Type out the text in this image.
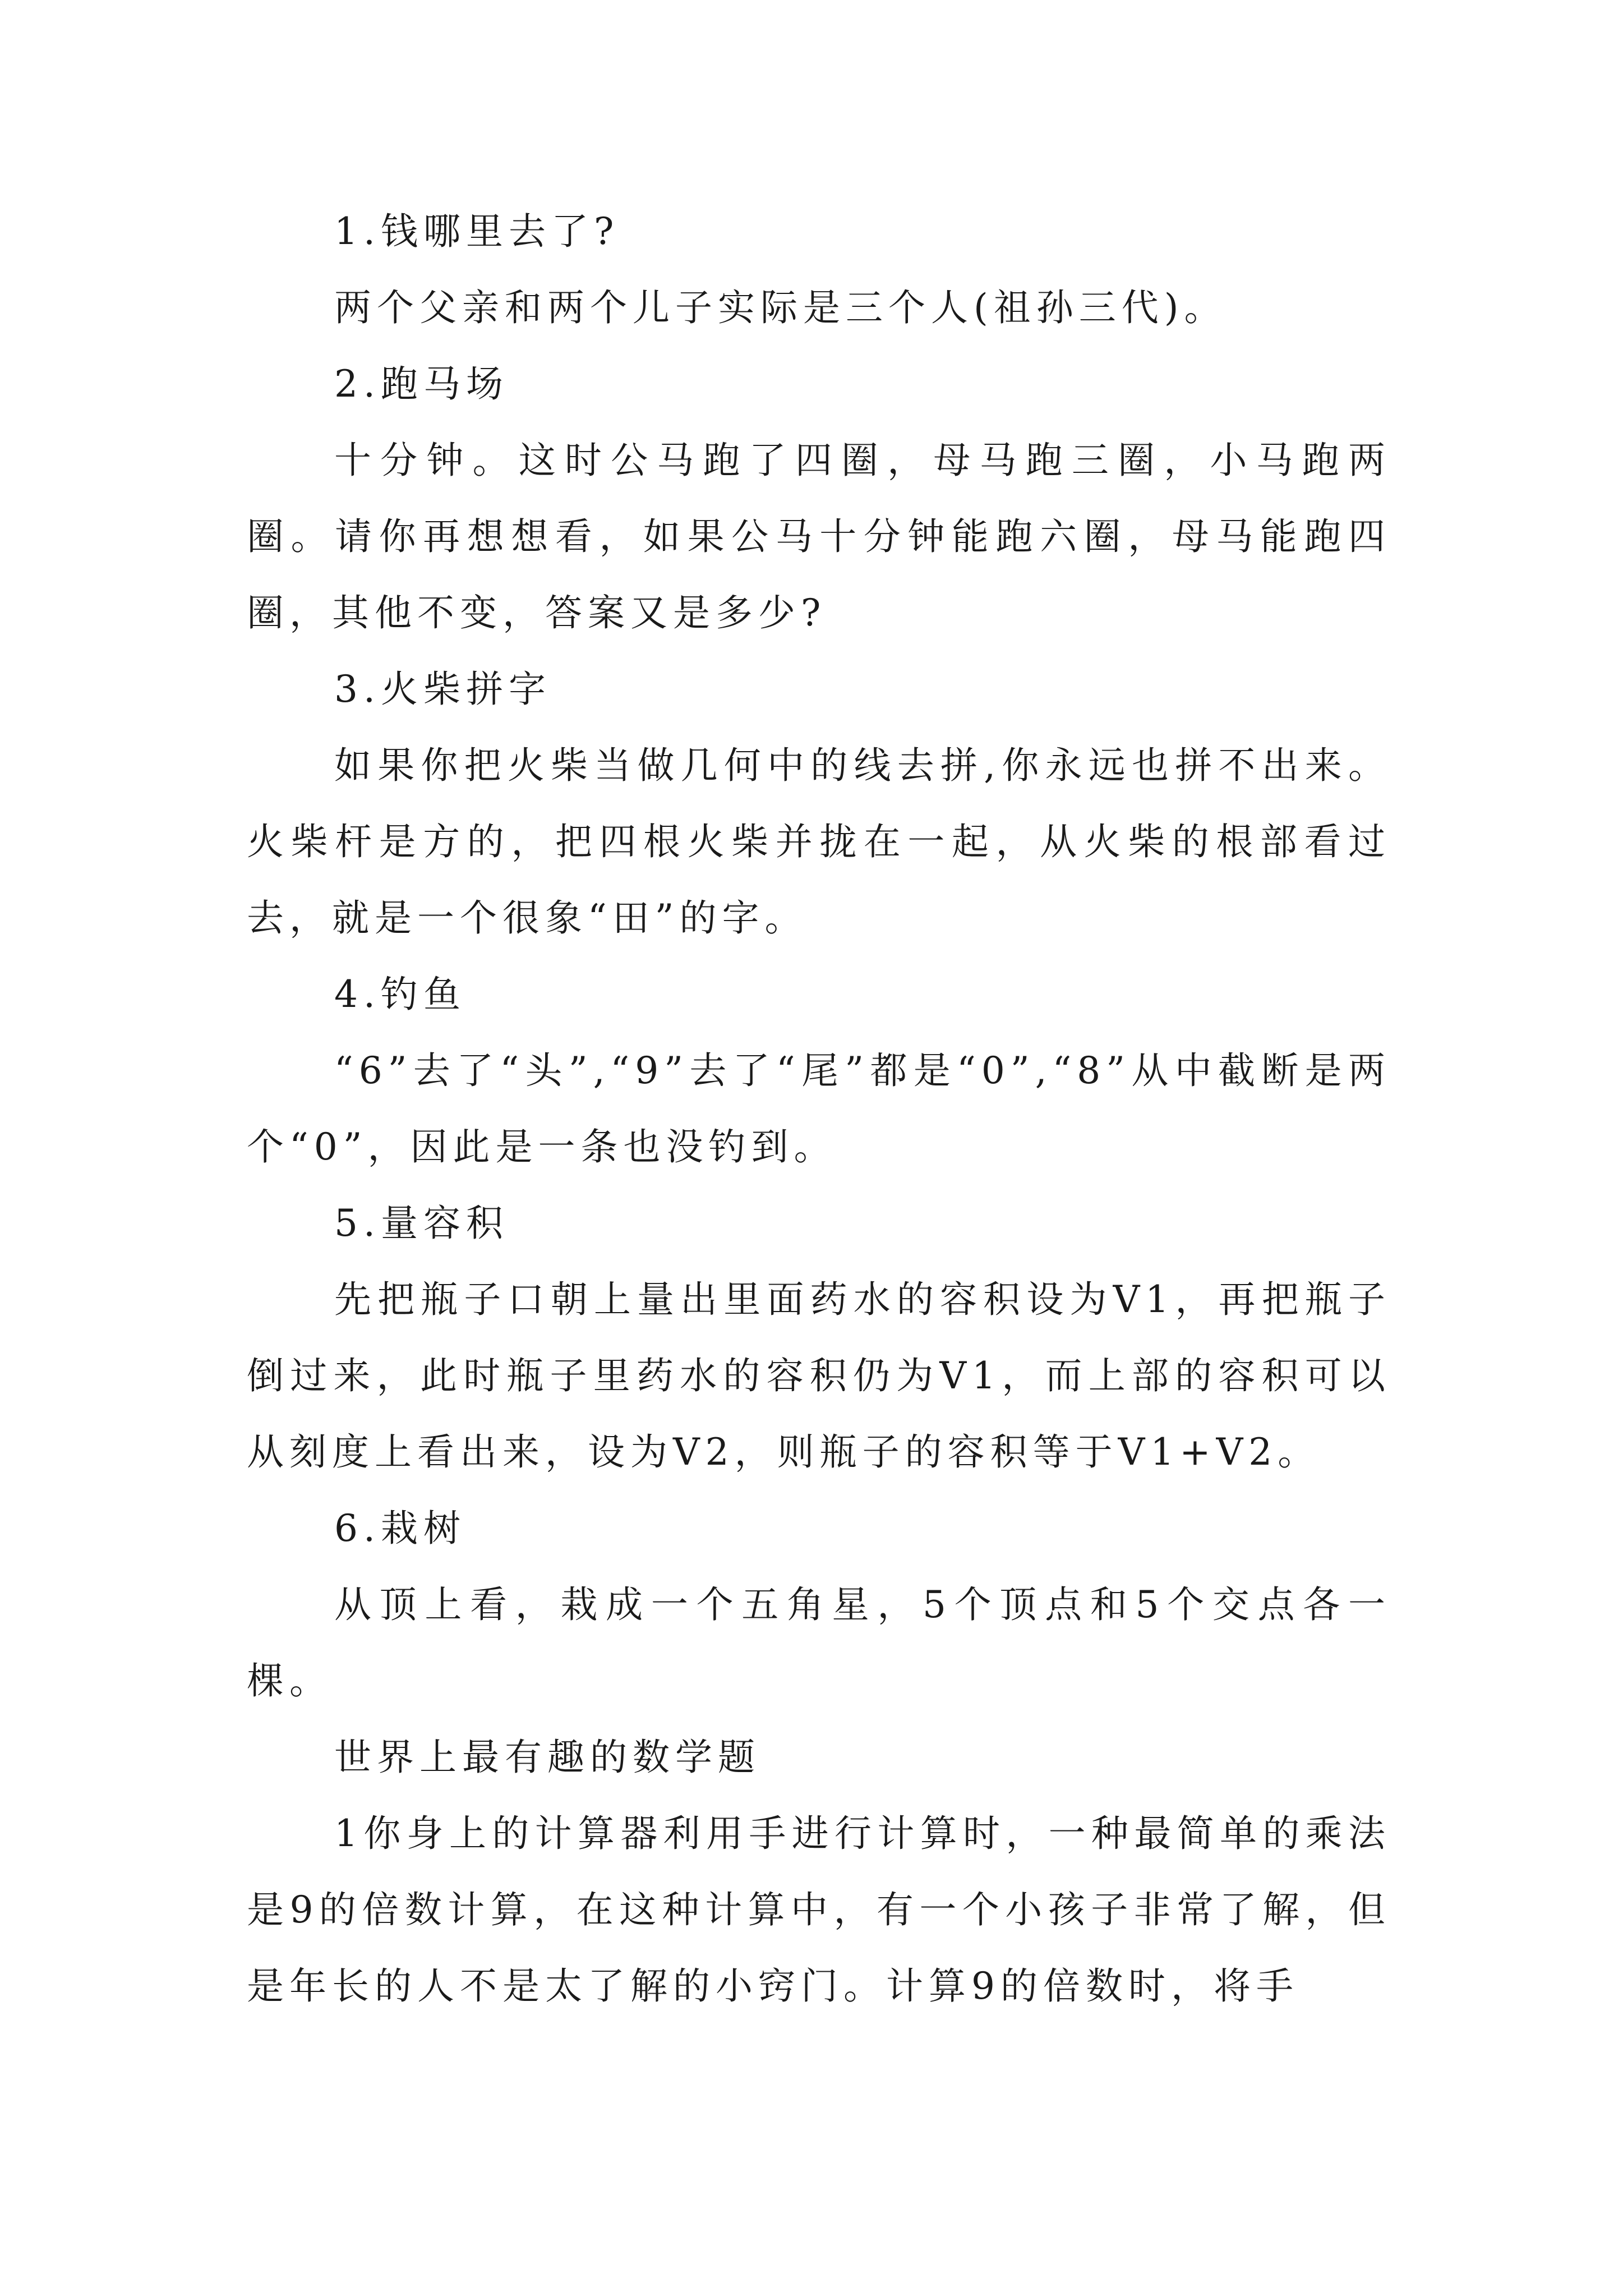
1.钱哪里去了?

两个父亲和两个儿子实际是三个人(祖孙三代)。

2.跑马场

十分钟。这时公马跑了四圈，母马跑三圈，小马跑两圈。请你再想想看，如果公马十分钟能跑六圈，母马能跑四圈，其他不变，答案又是多少?

3.火柴拼字

如果你把火柴当做几何中的线去拼,你永远也拼不出来。火柴杆是方的，把四根火柴并拢在一起，从火柴的根部看过去，就是一个很象“田”的字。

4.钓鱼

“6”去了“头”,“9”去了“尾”都是“0”,“8”从中截断是两个“0”，因此是一条也没钓到。

5.量容积

先把瓶子口朝上量出里面药水的容积设为V1，再把瓶子倒过来，此时瓶子里药水的容积仍为V1，而上部的容积可以从刻度上看出来，设为V2，则瓶子的容积等于V1+V2。

6.栽树

从顶上看，栽成一个五角星，5个顶点和5个交点各一棵。

世界上最有趣的数学题

1你身上的计算器利用手进行计算时，一种最简单的乘法是9的倍数计算，在这种计算中，有一个小孩子非常了解，但是年长的人不是太了解的小窍门。计算9的倍数时，将手
